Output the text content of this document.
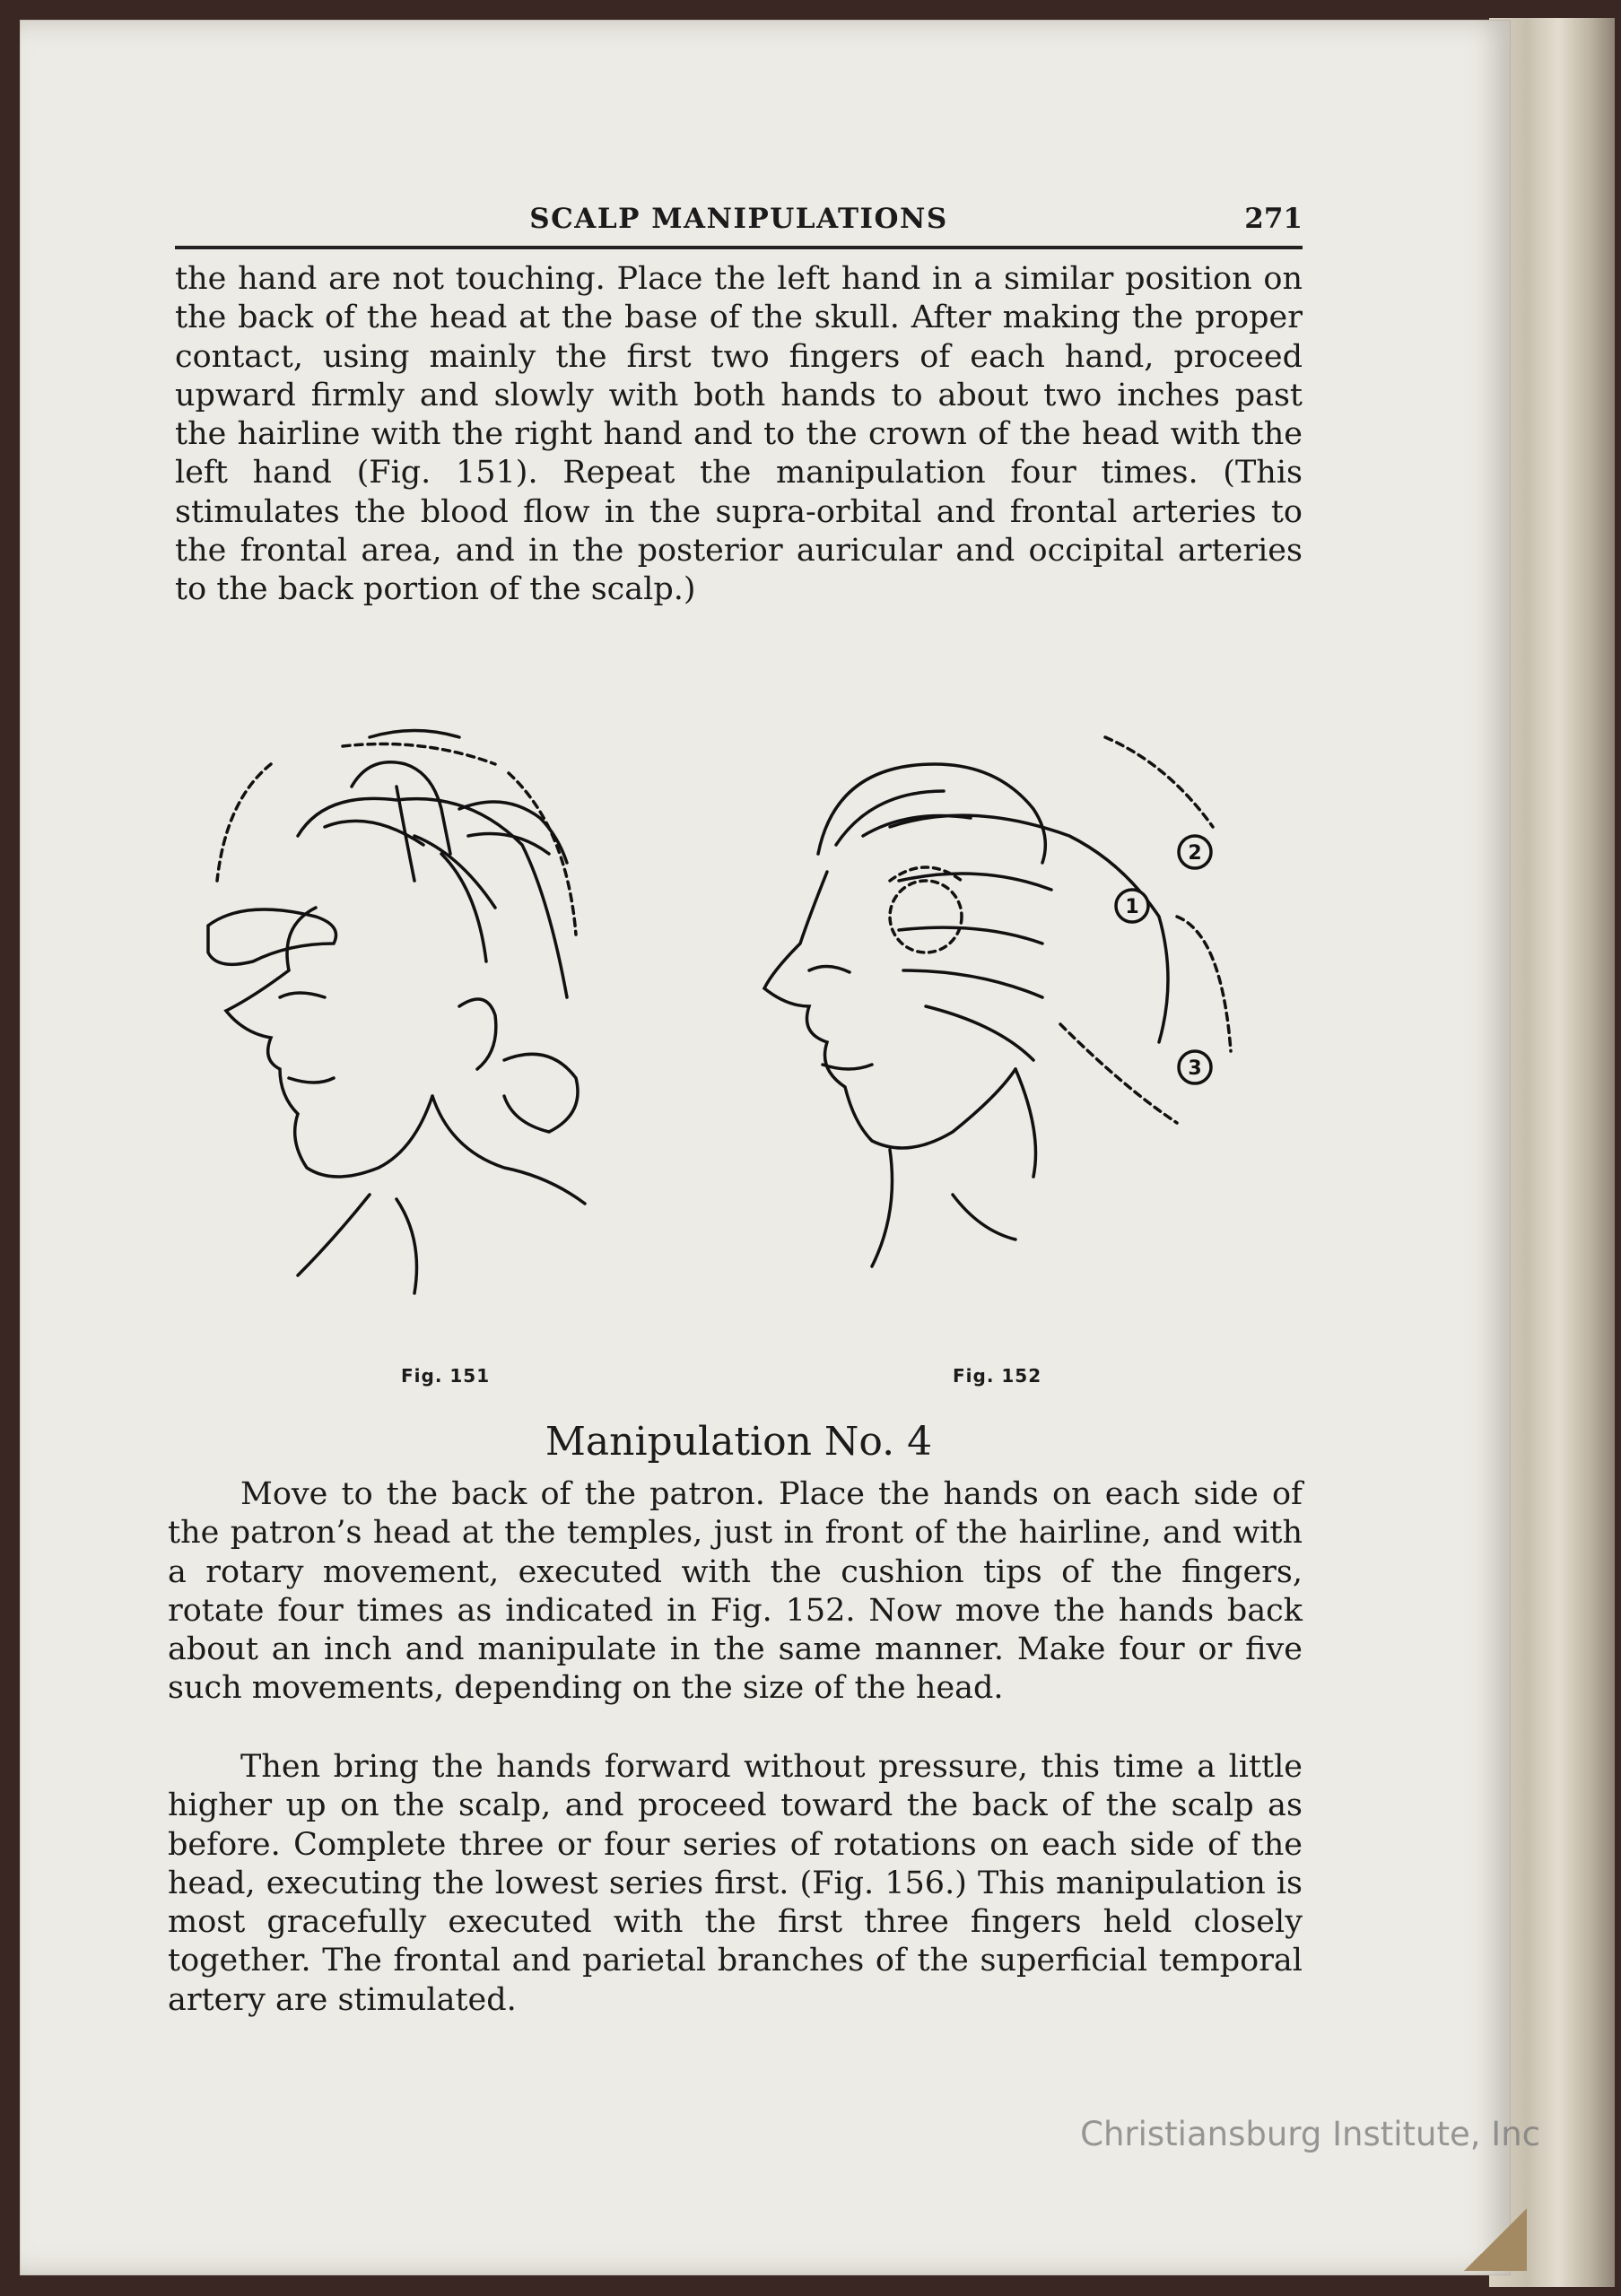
SCALP MANIPULATIONS	271

the hand are not touching. Place the left hand in a similar position on the back of the head at the base of the skull. After making the proper contact, using mainly the first two fingers of each hand, proceed upward firmly and slowly with both hands to about two inches past the hairline with the right hand and to the crown of the head with the left hand (Fig. 151). Repeat the manipulation four times. (This stimulates the blood flow in the supra-orbital and frontal arteries to the frontal area, and in the posterior auricular and occipital arteries to the back portion of the scalp.)

2
1
3
Fig. 151	Fig. 152
Manipulation No. 4

Move to the back of the patron. Place the hands on each side of the patron’s head at the temples, just in front of the hairline, and with a rotary movement, executed with the cushion tips of the fingers, rotate four times as indicated in Fig. 152. Now move the hands back about an inch and manipulate in the same manner. Make four or five such movements, depending on the size of the head.

Then bring the hands forward without pressure, this time a little higher up on the scalp, and proceed toward the back of the scalp as before. Complete three or four series of rotations on each side of the head, executing the lowest series first. (Fig. 156.) This manipulation is most gracefully executed with the first three fingers held closely together. The frontal and parietal branches of the superficial temporal artery are stimulated.

Christiansburg Institute, Inc
